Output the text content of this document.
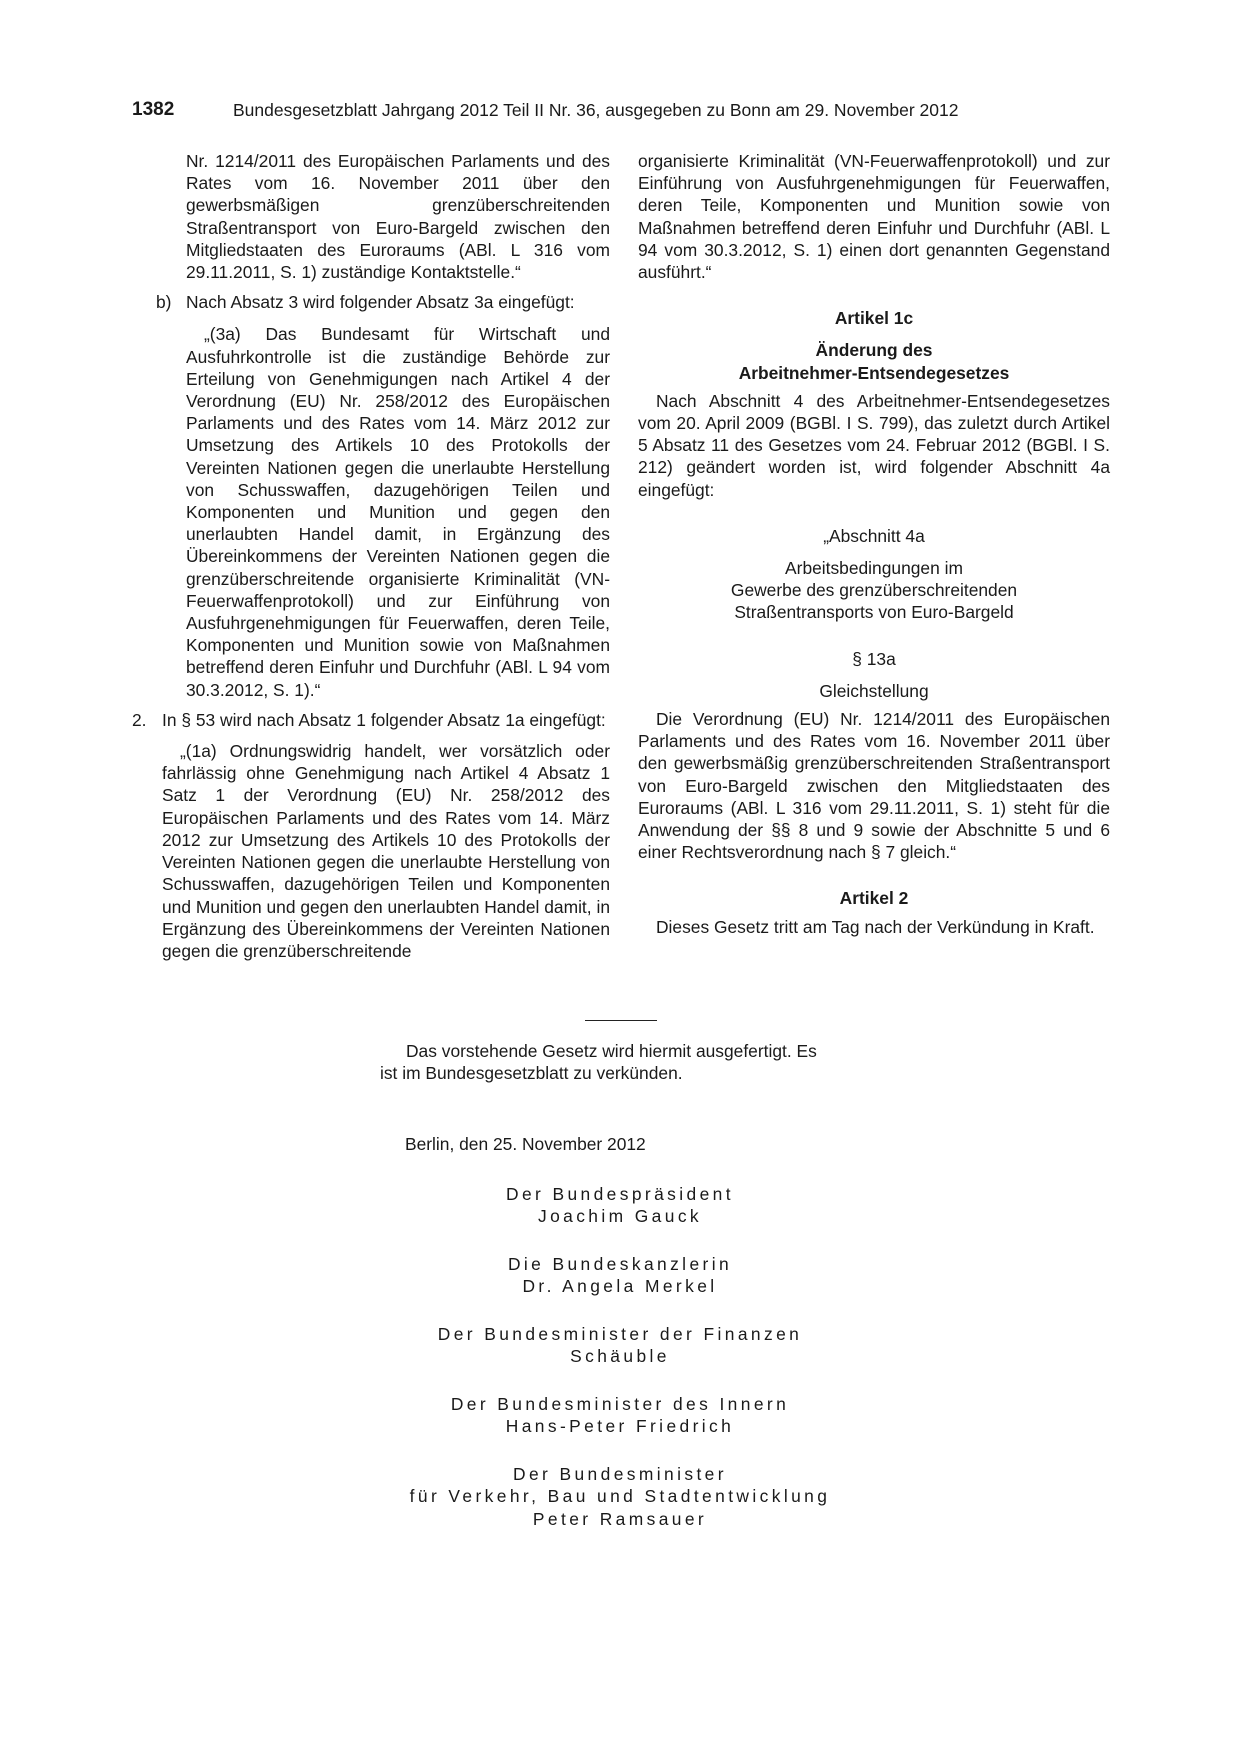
1382	Bundesgesetzblatt Jahrgang 2012 Teil II Nr. 36, ausgegeben zu Bonn am 29. November 2012

Nr. 1214/2011 des Europäischen Parlaments und des Rates vom 16. November 2011 über den gewerbsmäßigen grenzüberschreitenden Straßentransport von Euro-Bargeld zwischen den Mitgliedstaaten des Euroraums (ABl. L 316 vom 29.11.2011, S. 1) zuständige Kontaktstelle.“

b) Nach Absatz 3 wird folgender Absatz 3a eingefügt:

„(3a) Das Bundesamt für Wirtschaft und Ausfuhrkontrolle ist die zuständige Behörde zur Erteilung von Genehmigungen nach Artikel 4 der Verordnung (EU) Nr. 258/2012 des Europäischen Parlaments und des Rates vom 14. März 2012 zur Umsetzung des Artikels 10 des Protokolls der Vereinten Nationen gegen die unerlaubte Herstellung von Schusswaffen, dazugehörigen Teilen und Komponenten und Munition und gegen den unerlaubten Handel damit, in Ergänzung des Übereinkommens der Vereinten Nationen gegen die grenzüberschreitende organisierte Kriminalität (VN-Feuerwaffenprotokoll) und zur Einführung von Ausfuhrgenehmigungen für Feuerwaffen, deren Teile, Komponenten und Munition sowie von Maßnahmen betreffend deren Einfuhr und Durchfuhr (ABl. L 94 vom 30.3.2012, S. 1).“

2. In § 53 wird nach Absatz 1 folgender Absatz 1a eingefügt:

„(1a) Ordnungswidrig handelt, wer vorsätzlich oder fahrlässig ohne Genehmigung nach Artikel 4 Absatz 1 Satz 1 der Verordnung (EU) Nr. 258/2012 des Europäischen Parlaments und des Rates vom 14. März 2012 zur Umsetzung des Artikels 10 des Protokolls der Vereinten Nationen gegen die unerlaubte Herstellung von Schusswaffen, dazugehörigen Teilen und Komponenten und Munition und gegen den unerlaubten Handel damit, in Ergänzung des Übereinkommens der Vereinten Nationen gegen die grenzüberschreitende

organisierte Kriminalität (VN-Feuerwaffenprotokoll) und zur Einführung von Ausfuhrgenehmigungen für Feuerwaffen, deren Teile, Komponenten und Munition sowie von Maßnahmen betreffend deren Einfuhr und Durchfuhr (ABl. L 94 vom 30.3.2012, S. 1) einen dort genannten Gegenstand ausführt.“

Artikel 1c

Änderung des

Arbeitnehmer-Entsendegesetzes

Nach Abschnitt 4 des Arbeitnehmer-Entsendegesetzes vom 20. April 2009 (BGBl. I S. 799), das zuletzt durch Artikel 5 Absatz 11 des Gesetzes vom 24. Februar 2012 (BGBl. I S. 212) geändert worden ist, wird folgender Abschnitt 4a eingefügt:

„Abschnitt 4a

Arbeitsbedingungen im

Gewerbe des grenzüberschreitenden

Straßentransports von Euro-Bargeld

§ 13a

Gleichstellung

Die Verordnung (EU) Nr. 1214/2011 des Europäischen Parlaments und des Rates vom 16. November 2011 über den gewerbsmäßig grenzüberschreitenden Straßentransport von Euro-Bargeld zwischen den Mitgliedstaaten des Euroraums (ABl. L 316 vom 29.11.2011, S. 1) steht für die Anwendung der §§ 8 und 9 sowie der Abschnitte 5 und 6 einer Rechtsverordnung nach § 7 gleich.“

Artikel 2

Dieses Gesetz tritt am Tag nach der Verkündung in Kraft.

Das vorstehende Gesetz wird hiermit ausgefertigt. Es
ist im Bundesgesetzblatt zu verkünden.
Berlin, den 25. November 2012
Der Bundespräsident
Joachim Gauck
Die Bundeskanzlerin
Dr. Angela Merkel
Der Bundesminister der Finanzen
Schäuble
Der Bundesminister des Innern
Hans-Peter Friedrich
Der Bundesminister
für Verkehr, Bau und Stadtentwicklung
Peter Ramsauer
